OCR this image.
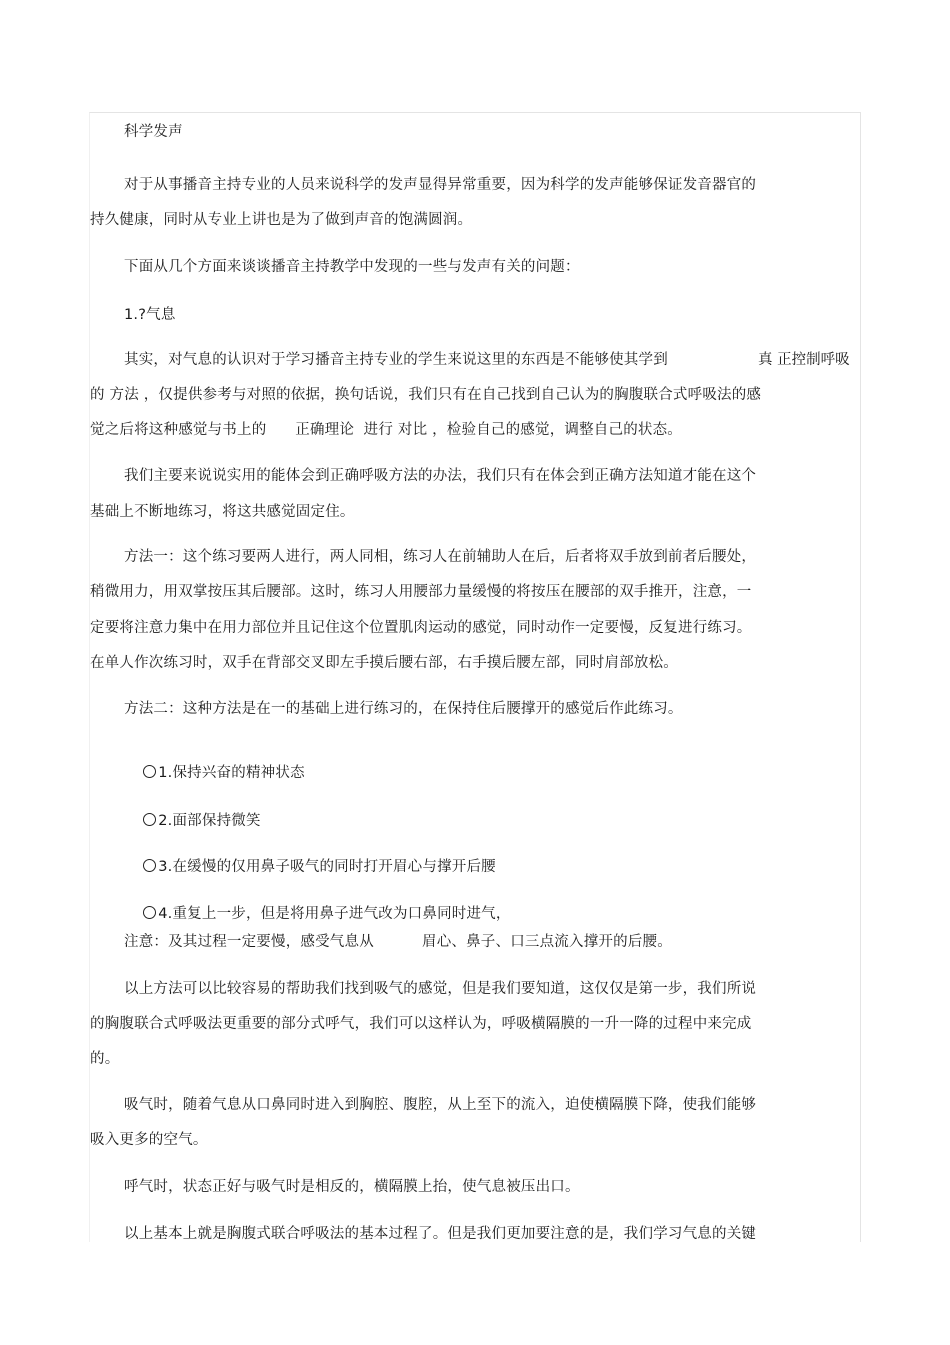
科学发声
对于从事播音主持专业的人员来说科学的发声显得异常重要，因为科学的发声能够保证发音器官的
持久健康，同时从专业上讲也是为了做到声音的饱满圆润。
下面从几个方面来谈谈播音主持教学中发现的一些与发声有关的问题：
1.?气息
其实，对气息的认识对于学习播音主持专业的学生来说这里的东西是不能够使其学到	真 正控制呼吸
的 方法 ，仅提供参考与对照的依据，换句话说，我们只有在自己找到自己认为的胸腹联合式呼吸法的感
觉之后将这种感觉与书上的      正确理论  进行 对比 ，检验自己的感觉，调整自己的状态。
我们主要来说说实用的能体会到正确呼吸方法的办法，我们只有在体会到正确方法知道才能在这个
基础上不断地练习，将这共感觉固定住。
方法一：这个练习要两人进行，两人同相，练习人在前辅助人在后，后者将双手放到前者后腰处，
稍微用力，用双掌按压其后腰部。这时，练习人用腰部力量缓慢的将按压在腰部的双手推开，注意，一
定要将注意力集中在用力部位并且记住这个位置肌肉运动的感觉，同时动作一定要慢，反复进行练习。
在单人作次练习时，双手在背部交叉即左手摸后腰右部，右手摸后腰左部，同时肩部放松。
方法二：这种方法是在一的基础上进行练习的，在保持住后腰撑开的感觉后作此练习。

1.保持兴奋的精神状态

2.面部保持微笑

3.在缓慢的仅用鼻子吸气的同时打开眉心与撑开后腰

4.重复上一步，但是将用鼻子进气改为口鼻同时进气，

注意：及其过程一定要慢，感受气息从          眉心、鼻子、口三点流入撑开的后腰。
以上方法可以比较容易的帮助我们找到吸气的感觉，但是我们要知道，这仅仅是第一步，我们所说
的胸腹联合式呼吸法更重要的部分式呼气，我们可以这样认为，呼吸横隔膜的一升一降的过程中来完成
的。
吸气时，随着气息从口鼻同时进入到胸腔、腹腔，从上至下的流入，迫使横隔膜下降，使我们能够
吸入更多的空气。
呼气时，状态正好与吸气时是相反的，横隔膜上抬，使气息被压出口。
以上基本上就是胸腹式联合呼吸法的基本过程了。但是我们更加要注意的是，我们学习气息的关键
